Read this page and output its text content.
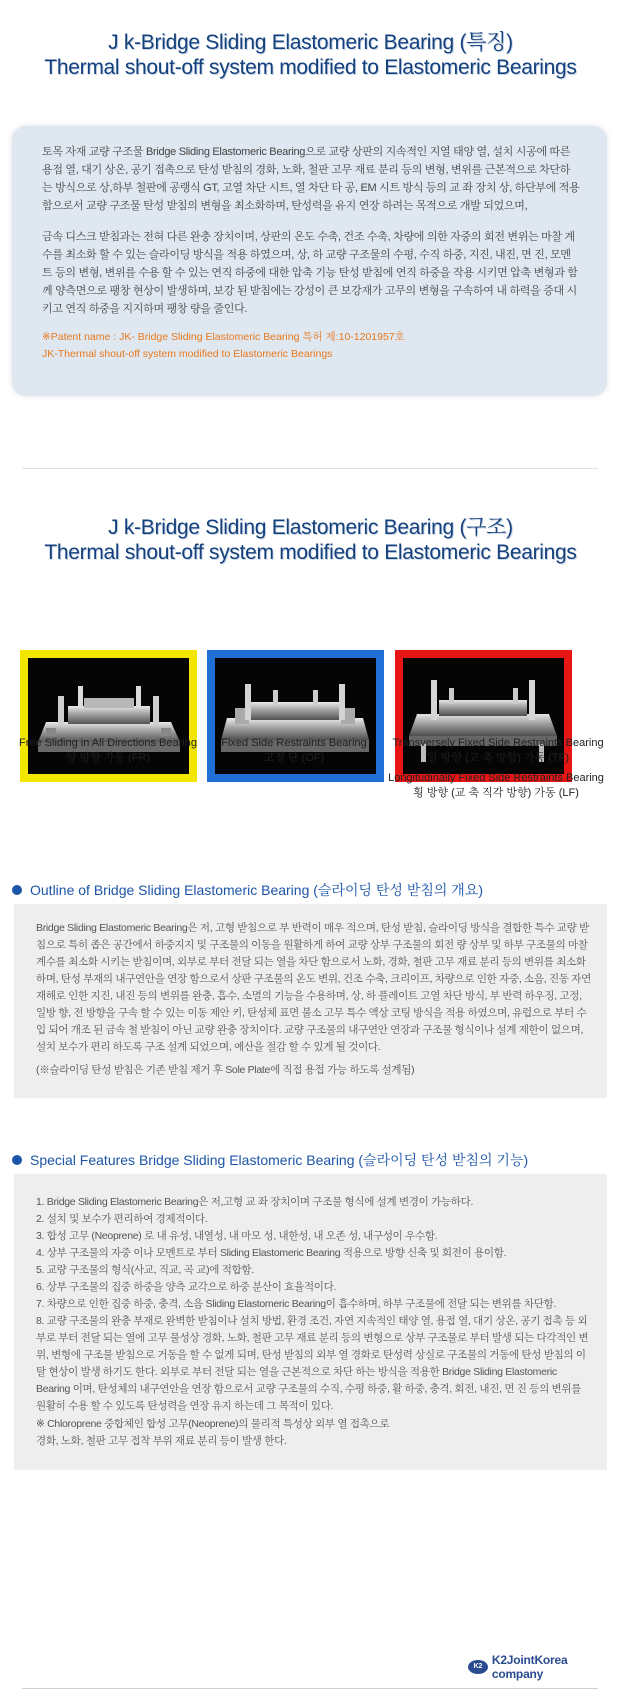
J k-Bridge Sliding Elastomeric Bearing (특징)
Thermal shout-off system modified to Elastomeric Bearings

토목 자재 교량 구조물 Bridge Sliding Elastomeric Bearing으로 교량 상판의 지속적인 지열 태양 열, 설치 시공에 따른 용접 열, 대기 상온, 공기 접촉으로 탄성 받침의 경화, 노화, 철판 고무 재료 분리 등의 변형, 변위를 근본적으로 차단하는 방식으로 상,하부 철판에 공랭식 GT, 고열 차단 시트, 열 차단 타 공, EM 시트 방식 등의 교 좌 장치 상, 하단부에 적용 함으로서 교량 구조물 탄성 받침의 변형을 최소화하며, 탄성력을 유지 연장 하려는 목적으로 개발 되었으며,

금속 디스크 받침과는 전혀 다른 완충 장치이며, 상판의 온도 수축, 건조 수축, 차량에 의한 자중의 회전 변위는 마찰 계수를 최소화 할 수 있는 슬라이딩 방식을 적용 하였으며, 상, 하 교량 구조물의 수평, 수직 하중, 지진, 내진, 면 진, 모멘트 등의 변형, 변위를 수용 할 수 있는 연직 하중에 대한 압축 기능 탄성 받침에 연직 하중을 작용 시키면 압축 변형과 함께 양측면으로 팽창 현상이 발생하며, 보강 된 받침에는 강성이 큰 보강재가 고무의 변형을 구속하여 내 하력을 증대 시키고 연직 하중을 지지하며 팽창 량을 줄인다.

※Patent name : JK- Bridge Sliding Elastomeric Bearing 특허 제:10-1201957호
JK-Thermal shout-off system modified to Elastomeric Bearings
J k-Bridge Sliding Elastomeric Bearing (구조)
Thermal shout-off system modified to Elastomeric Bearings
Free Sliding in All Directions Bearing
양 방향 가동 (FR)
Fixed Side Restraints Bearing
고정 단 (OF)
Transversely Fixed Side Restraints Bearing
일 방향 (교 축 방향) 가동 (TF)
Longitudinally Fixed Side Restraints Bearing
횡 방향 (교 축 직각 방향) 가동 (LF)
Outline of Bridge Sliding Elastomeric Bearing (슬라이딩 탄성 받침의 개요)

Bridge Sliding Elastomeric Bearing은 저, 고형 받침으로 부 반력이 매우 적으며, 탄성 받침, 슬라이딩 방식을 결합한 특수 교량 받침으로 특히 좁은 공간에서 하중지지 및 구조물의 이동을 원활하게 하여 교량 상부 구조물의 회전 량 상부 및 하부 구조물의 마찰 계수를 최소화 시키는 받침이며, 외부로 부터 전달 되는 열을 차단 함으로서 노화, 경화, 철판 고무 재료 분리 등의 변위를 최소화 하며, 탄성 부재의 내구연안을 연장 함으로서 상판 구조물의 온도 변위, 건조 수축, 크리이프, 차량으로 인한 자중, 소음, 진동 자연 재해로 인한 지진, 내진 등의 변위를 완충, 흡수, 소멸의 기능을 수용하며, 상, 하 플레이트 고열 차단 방식, 부 반력 하우징, 고정, 일방 향, 전 방향을 구속 할 수 있는 이동 제안 키, 탄성체 표면 불소 고무 특수 액상 코팅 방식을 적용 하였으며, 유럽으로 부터 수입 되어 개조 된 금속 철 받침이 아닌 교량 완충 장치이다. 교량 구조물의 내구연안 연장과 구조물 형식이나 설계 제한이 없으며, 설치 보수가 편리 하도록 구조 설계 되었으며, 예산을 절감 할 수 있게 될 것이다.

(※슬라이딩 탄성 받침은 기존 받침 제거 후 Sole Plate에 직접 용접 가능 하도록 설계됨)

Special Features Bridge Sliding Elastomeric Bearing (슬라이딩 탄성 받침의 기능)

1. Bridge Sliding Elastomeric Bearing은 저,고형 교 좌 장치이며 구조물 형식에 설계 변경이 가능하다.

2. 설치 및 보수가 편리하여 경제적이다.

3. 합성 고무 (Neoprene) 로 내 유성, 내열성, 내 마모 성, 내한성, 내 오존 성, 내구성이 우수함.

4. 상부 구조물의 자중 이나 모멘트로 부터 Sliding Elastomeric Bearing 적용으로 방향 신축 및 회전이 용이함.

5. 교량 구조물의 형식(사교, 직교, 곡 교)에 적합함.

6. 상부 구조물의 집중 하중을 양측 교각으로 하중 분산이 효율적이다.

7. 차량으로 인한 집중 하중, 충격, 소음 Sliding Elastomeric Bearing이 흡수하며, 하부 구조물에 전달 되는 변위를 차단함.

8. 교량 구조물의 완충 부재로 완벽한 받침이나 설치 방법, 환경 조건, 자연 지속적인 태양 열, 용접 열, 대기 상온, 공기 접촉 등 외부로 부터 전달 되는 열에 고무 물성상 경화, 노화, 철판 고무 재료 분리 등의 변형으로 상부 구조물로 부터 발생 되는 다각적인 변위, 변형에 구조물 받침으로 거동을 할 수 없게 되며, 탄성 받침의 외부 열 경화로 탄성력 상실로 구조물의 거동에 탄성 받침의 이탈 현상이 발생 하기도 한다. 외부로 부터 전달 되는 열을 근본적으로 차단 하는 방식을 적용한 Bridge Sliding Elastomeric Bearing 이며, 탄성체의 내구연안을 연장 함으로서 교량 구조물의 수직, 수평 하중, 활 하중, 충격, 회전, 내진, 면 진 등의 변위를 원활히 수용 할 수 있도록 탄성력을 연장 유지 하는데 그 목적이 있다.

※ Chloroprene 중합체인 합성 고무(Neoprene)의 물리적 특성상 외부 열 접촉으로

경화, 노화, 철판 고무 접착 부위 재료 분리 등이 발생 한다.

K2 K2JointKorea company
